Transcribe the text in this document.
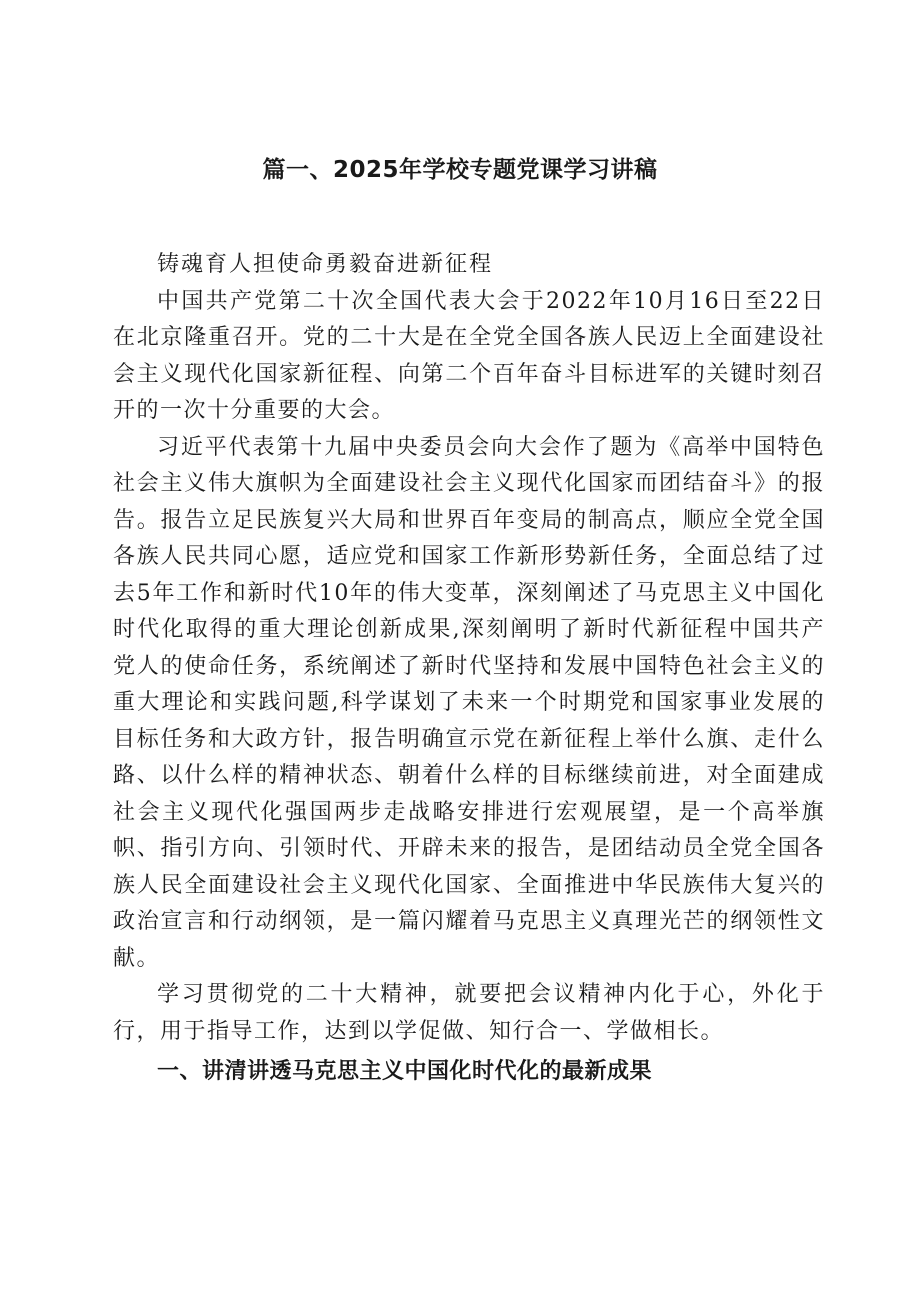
篇一、2025年学校专题党课学习讲稿

铸魂育人担使命勇毅奋进新征程

中国共产党第二十次全国代表大会于2022年10月16日至22日在北京隆重召开。党的二十大是在全党全国各族人民迈上全面建设社会主义现代化国家新征程、向第二个百年奋斗目标进军的关键时刻召开的一次十分重要的大会。

习近平代表第十九届中央委员会向大会作了题为《高举中国特色社会主义伟大旗帜为全面建设社会主义现代化国家而团结奋斗》的报告。报告立足民族复兴大局和世界百年变局的制高点，顺应全党全国各族人民共同心愿，适应党和国家工作新形势新任务，全面总结了过去5年工作和新时代10年的伟大变革，深刻阐述了马克思主义中国化时代化取得的重大理论创新成果,深刻阐明了新时代新征程中国共产党人的使命任务，系统阐述了新时代坚持和发展中国特色社会主义的重大理论和实践问题,科学谋划了未来一个时期党和国家事业发展的目标任务和大政方针，报告明确宣示党在新征程上举什么旗、走什么路、以什么样的精神状态、朝着什么样的目标继续前进，对全面建成社会主义现代化强国两步走战略安排进行宏观展望，是一个高举旗帜、指引方向、引领时代、开辟未来的报告，是团结动员全党全国各族人民全面建设社会主义现代化国家、全面推进中华民族伟大复兴的政治宣言和行动纲领，是一篇闪耀着马克思主义真理光芒的纲领性文献。

学习贯彻党的二十大精神，就要把会议精神内化于心，外化于行，用于指导工作，达到以学促做、知行合一、学做相长。

一、讲清讲透马克思主义中国化时代化的最新成果
